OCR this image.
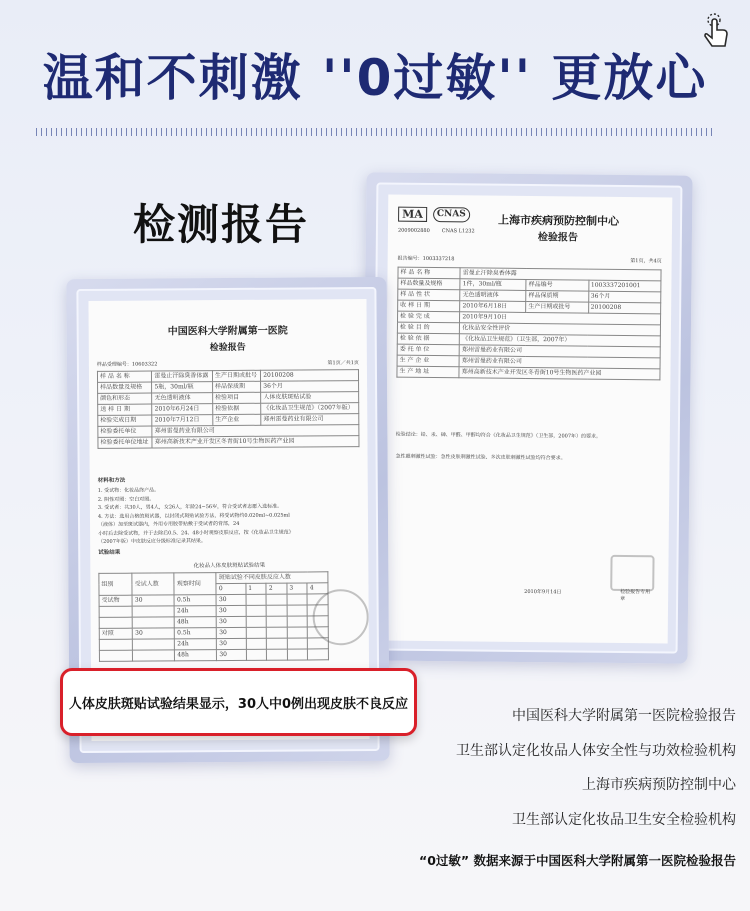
温和不刺激 ''0过敏'' 更放心
检测报告	MA	CNAS
2009002880 CNAS L1232
上海市疾病预防控制中心
检验报告
报告编号：1003337218	第1页，共4页
样 品 名 称	雷曼止汗除臭香体露		
样品数量及规格	1件，30ml/瓶	样品编号	1003337201001
样 品 性 状	无色透明液体	样品保质期	36个月
收 样 日 期	2010年6月18日	生产日期或批号	20100208
检 验 完 成	2010年9月10日		
检 验 目 的	化妆品安全性评价		
检 验 依 据	《化妆品卫生规范》（卫生部，2007年）		
委 托 单 位	郑州雷曼药业有限公司		
生 产 企 业	郑州雷曼药业有限公司		
生 产 地 址	郑州高新技术产业开发区冬青街10号生物医药产业园		
检验结论：铅、汞、砷、甲醛、甲醇均符合《化妆品卫生规范》（卫生部，2007年）的要求。
急性眼刺激性试验：急性皮肤刺激性试验、多次皮肤刺激性试验均符合要求。
2010年9月14日	检验报告专用章
中国医科大学附属第一医院
检验报告
样品受理编号：10603322	第1页／共1页
样 品 名 称	雷曼止汗除臭香体露	生产日期或批号	20100208
样品数量及规格	5瓶，30ml/瓶	样品保质期	36个月
颜色和形态	无色透明液体	检验项目	人体皮肤斑贴试验
送 样 日 期	2010年6月24日	检验依据	《化妆品卫生规范》（2007年版）
检验完成日期	2010年7月12日	生产企业	郑州雷曼药业有限公司
检验委托单位	郑州雷曼药业有限公司		
检验委托单位地址	郑州高新技术产业开发区冬青街10号生物医药产业园		
材料和方法
1. 受试物：化妆品终产品。
2. 阴性对照：空白对照。
3. 受试者：共30人，男4人，女26人，年龄24~56岁，符合受试者志愿入选标准。
4. 方法：选用合格的斑试器，以封闭式斑贴试验方法，将受试物约0.020ml~0.025ml
（液体）加至斑试器内，外用专用胶带贴敷于受试者的背部，24
小时后去除受试物，并于去除后0.5、24、48小时观察皮肤反应，按《化妆品卫生规范》
（2007年版）中皮肤反应分级标准记录其结果。
试验结果
化妆品人体皮肤斑贴试验结果
组别	受试人数	观察时间	斑贴试验不同皮肤反应人数				
			0	1	2	3	4
受试物	30	0.5h	30				
		24h	30				
		48h	30				
对照	30	0.5h	30				
		24h	30				
		48h	30				
人体皮肤斑贴试验结果显示，30人中0例出现皮肤不良反应
中国医科大学附属第一医院检验报告
卫生部认定化妆品人体安全性与功效检验机构
上海市疾病预防控制中心
卫生部认定化妆品卫生安全检验机构
“0过敏” 数据来源于中国医科大学附属第一医院检验报告
